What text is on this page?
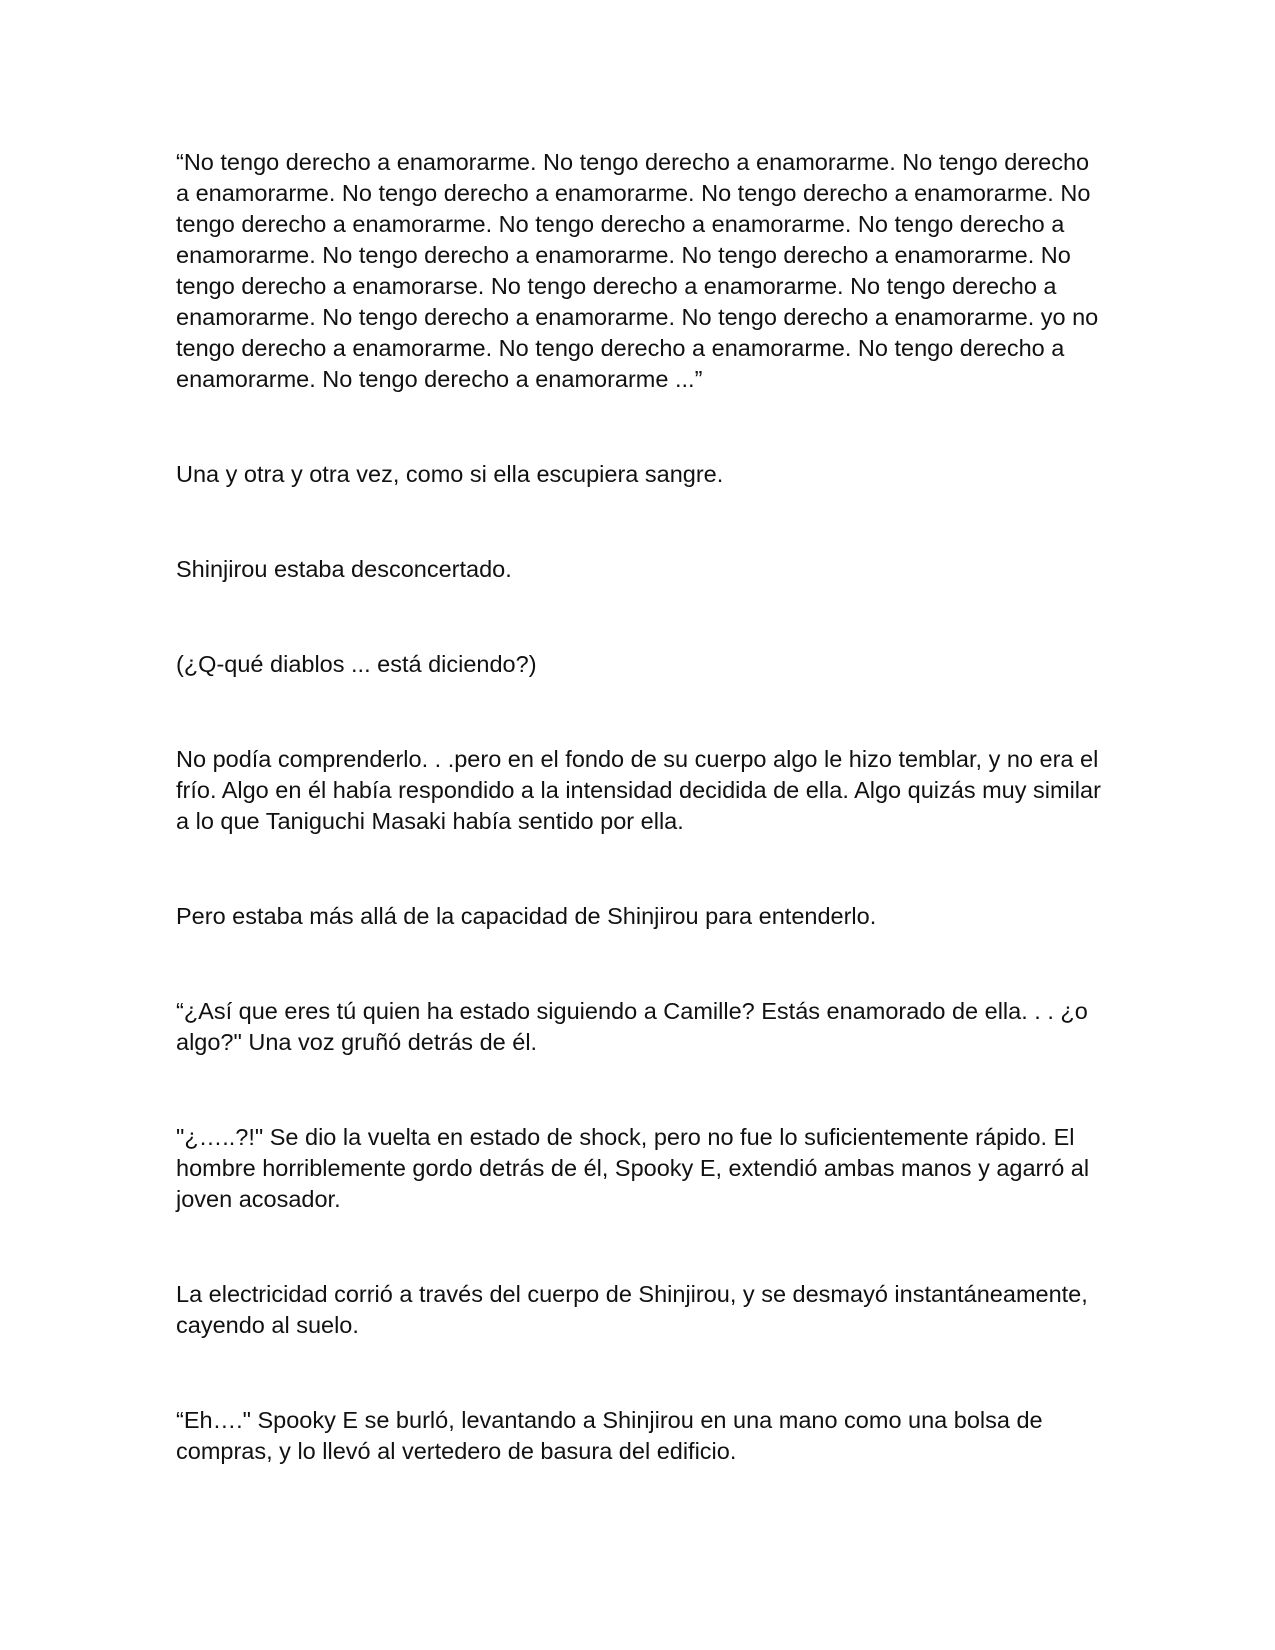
“No tengo derecho a enamorarme. No tengo derecho a enamorarme. No tengo derecho a enamorarme. No tengo derecho a enamorarme. No tengo derecho a enamorarme. No tengo derecho a enamorarme. No tengo derecho a enamorarme. No tengo derecho a enamorarme. No tengo derecho a enamorarme. No tengo derecho a enamorarme. No tengo derecho a enamorarse. No tengo derecho a enamorarme. No tengo derecho a enamorarme. No tengo derecho a enamorarme. No tengo derecho a enamorarme. yo no tengo derecho a enamorarme. No tengo derecho a enamorarme. No tengo derecho a enamorarme. No tengo derecho a enamorarme ...”

Una y otra y otra vez, como si ella escupiera sangre.

Shinjirou estaba desconcertado.

(¿Q-qué diablos ... está diciendo?)

No podía comprenderlo. . .pero en el fondo de su cuerpo algo le hizo temblar, y no era el frío. Algo en él había respondido a la intensidad decidida de ella. Algo quizás muy similar a lo que Taniguchi Masaki había sentido por ella.

Pero estaba más allá de la capacidad de Shinjirou para entenderlo.

“¿Así que eres tú quien ha estado siguiendo a Camille? Estás enamorado de ella. . . ¿o algo?" Una voz gruñó detrás de él.

"¿…..?!" Se dio la vuelta en estado de shock, pero no fue lo suficientemente rápido. El hombre horriblemente gordo detrás de él, Spooky E, extendió ambas manos y agarró al joven acosador.

La electricidad corrió a través del cuerpo de Shinjirou, y se desmayó instantáneamente, cayendo al suelo.

“Eh…." Spooky E se burló, levantando a Shinjirou en una mano como una bolsa de compras, y lo llevó al vertedero de basura del edificio.
